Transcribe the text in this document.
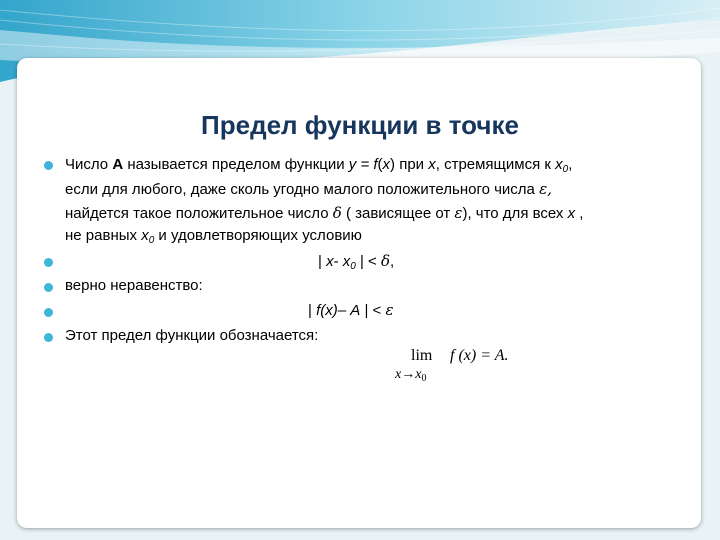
Предел функции в точке
Число А называется пределом функции y = f(x) при x, стремящимся к $x_0$,
если для любого, даже сколь угодно малого положительного числа ε,
найдется такое положительное число δ ( зависящее от ε), что для всех x ,
не равных $x_0$ и удовлетворяющих условию
| x- $x_0$ | < δ,
верно неравенство:
| f(x)– A | < ε
Этот предел функции обозначается:
lim f (x) = A.
$x\to x_0$
